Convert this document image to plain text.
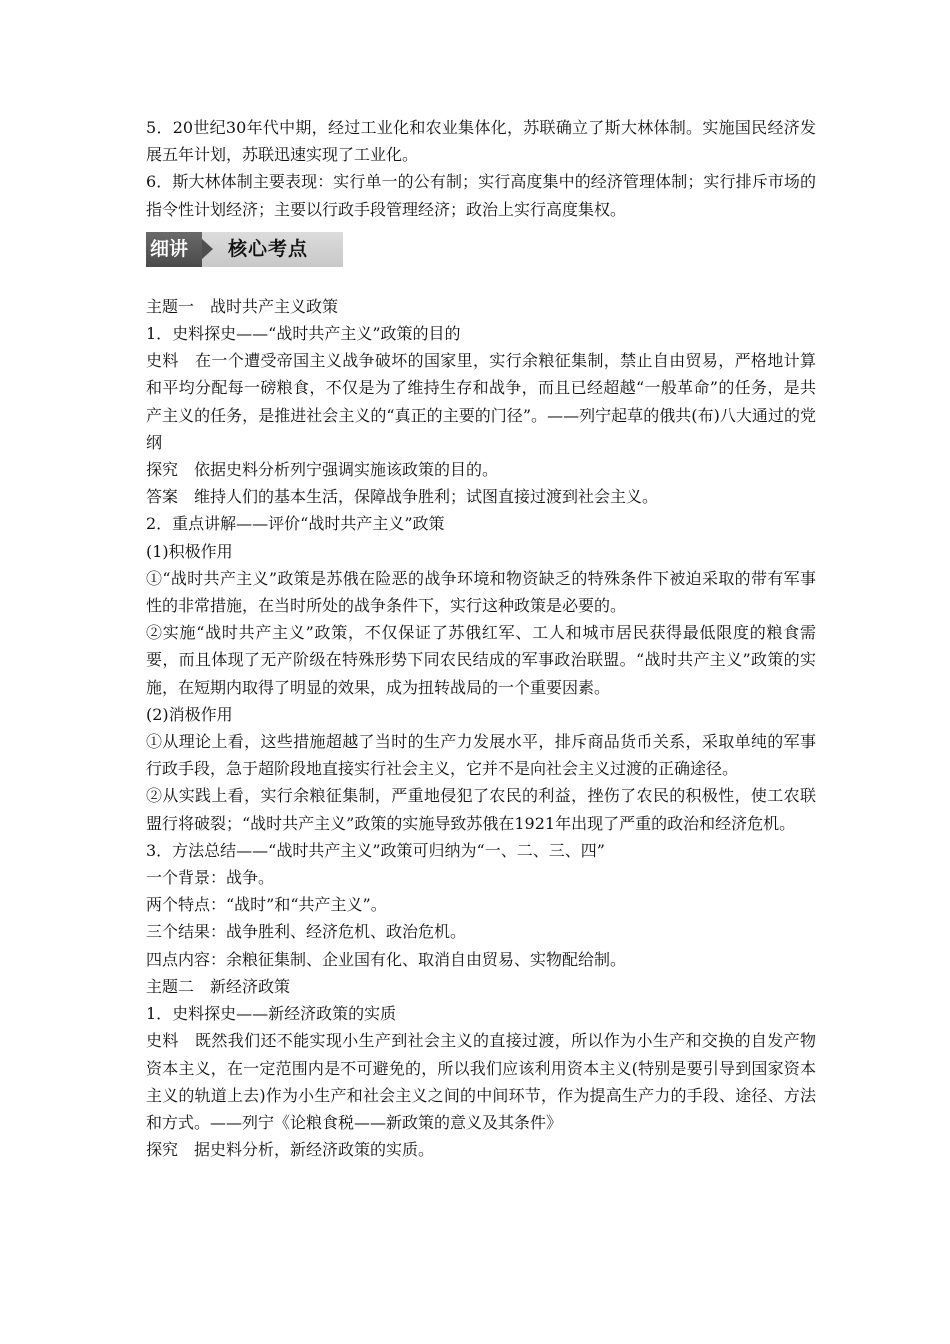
5．20世纪30年代中期，经过工业化和农业集体化，苏联确立了斯大林体制。实施国民经济发展五年计划，苏联迅速实现了工业化。

6．斯大林体制主要表现：实行单一的公有制；实行高度集中的经济管理体制；实行排斥市场的指令性计划经济；主要以行政手段管理经济；政治上实行高度集权。

细讲	核心考点

主题一　战时共产主义政策

1．史料探史——“战时共产主义”政策的目的

史料　在一个遭受帝国主义战争破坏的国家里，实行余粮征集制，禁止自由贸易，严格地计算和平均分配每一磅粮食，不仅是为了维持生存和战争，而且已经超越“一般革命”的任务，是共产主义的任务，是推进社会主义的“真正的主要的门径”。——列宁起草的俄共(布)八大通过的党纲

探究　依据史料分析列宁强调实施该政策的目的。

答案　维持人们的基本生活，保障战争胜利；试图直接过渡到社会主义。

2．重点讲解——评价“战时共产主义”政策

(1)积极作用

①“战时共产主义”政策是苏俄在险恶的战争环境和物资缺乏的特殊条件下被迫采取的带有军事性的非常措施，在当时所处的战争条件下，实行这种政策是必要的。

②实施“战时共产主义”政策，不仅保证了苏俄红军、工人和城市居民获得最低限度的粮食需要，而且体现了无产阶级在特殊形势下同农民结成的军事政治联盟。“战时共产主义”政策的实施，在短期内取得了明显的效果，成为扭转战局的一个重要因素。

(2)消极作用

①从理论上看，这些措施超越了当时的生产力发展水平，排斥商品货币关系，采取单纯的军事行政手段，急于超阶段地直接实行社会主义，它并不是向社会主义过渡的正确途径。

②从实践上看，实行余粮征集制，严重地侵犯了农民的利益，挫伤了农民的积极性，使工农联盟行将破裂；“战时共产主义”政策的实施导致苏俄在1921年出现了严重的政治和经济危机。

3．方法总结——“战时共产主义”政策可归纳为“一、二、三、四”

一个背景：战争。

两个特点：“战时”和“共产主义”。

三个结果：战争胜利、经济危机、政治危机。

四点内容：余粮征集制、企业国有化、取消自由贸易、实物配给制。

主题二　新经济政策

1．史料探史——新经济政策的实质

史料　既然我们还不能实现小生产到社会主义的直接过渡，所以作为小生产和交换的自发产物资本主义，在一定范围内是不可避免的，所以我们应该利用资本主义(特别是要引导到国家资本主义的轨道上去)作为小生产和社会主义之间的中间环节，作为提高生产力的手段、途径、方法和方式。——列宁《论粮食税——新政策的意义及其条件》

探究　据史料分析，新经济政策的实质。
